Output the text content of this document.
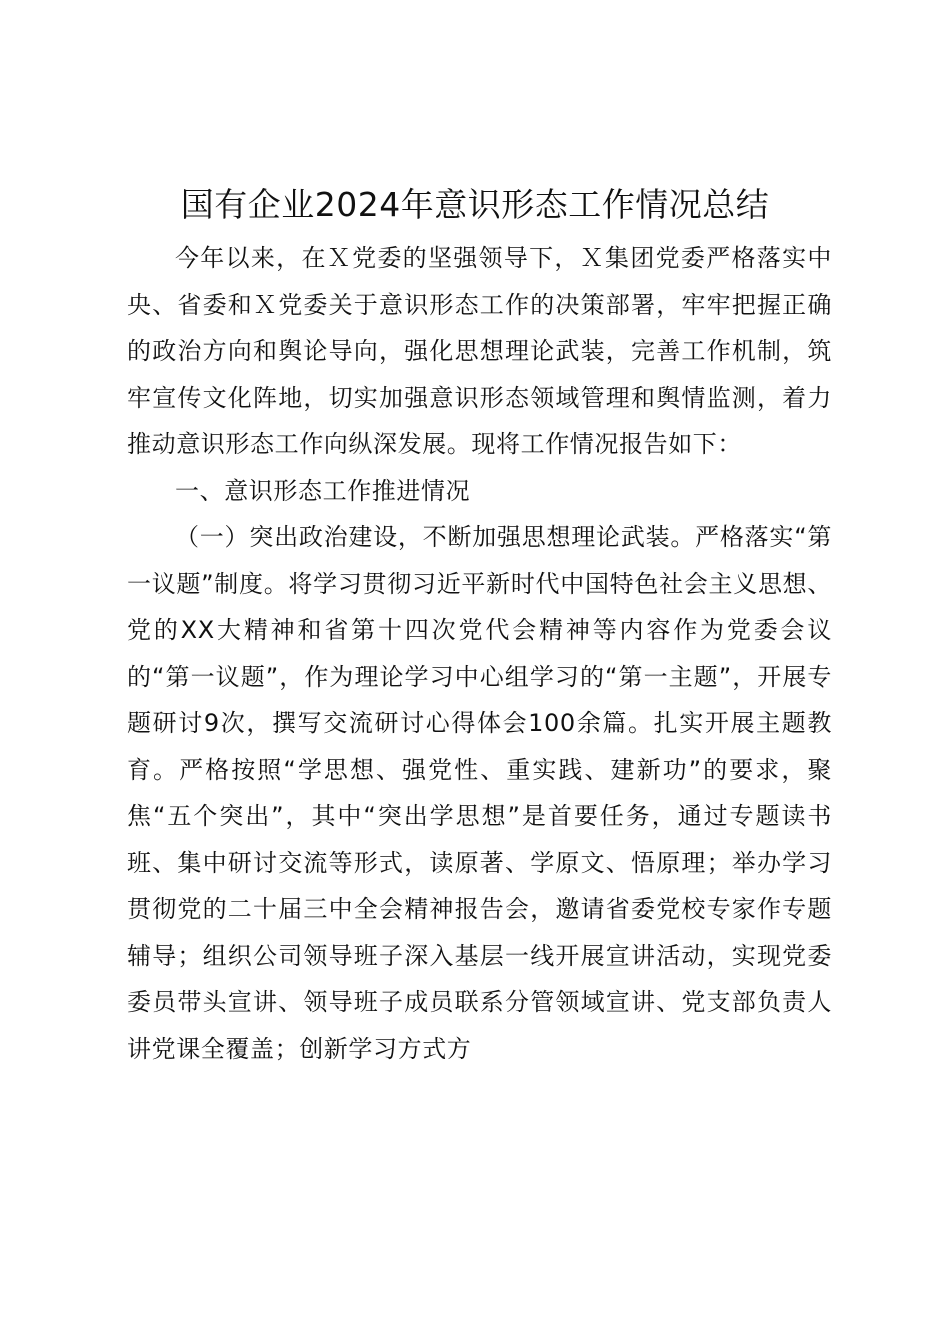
国有企业2024年意识形态工作情况总结

今年以来，在Ｘ党委的坚强领导下，Ｘ集团党委严格落实中央、省委和Ｘ党委关于意识形态工作的决策部署，牢牢把握正确的政治方向和舆论导向，强化思想理论武装，完善工作机制，筑牢宣传文化阵地，切实加强意识形态领域管理和舆情监测，着力推动意识形态工作向纵深发展。现将工作情况报告如下：

一、意识形态工作推进情况

（一）突出政治建设，不断加强思想理论武装。严格落实“第一议题”制度。将学习贯彻习近平新时代中国特色社会主义思想、党的XX大精神和省第十四次党代会精神等内容作为党委会议的“第一议题”，作为理论学习中心组学习的“第一主题”，开展专题研讨9次，撰写交流研讨心得体会100余篇。扎实开展主题教育。严格按照“学思想、强党性、重实践、建新功”的要求，聚焦“五个突出”，其中“突出学思想”是首要任务，通过专题读书班、集中研讨交流等形式，读原著、学原文、悟原理；举办学习贯彻党的二十届三中全会精神报告会，邀请省委党校专家作专题辅导；组织公司领导班子深入基层一线开展宣讲活动，实现党委委员带头宣讲、领导班子成员联系分管领域宣讲、党支部负责人讲党课全覆盖；创新学习方式方
